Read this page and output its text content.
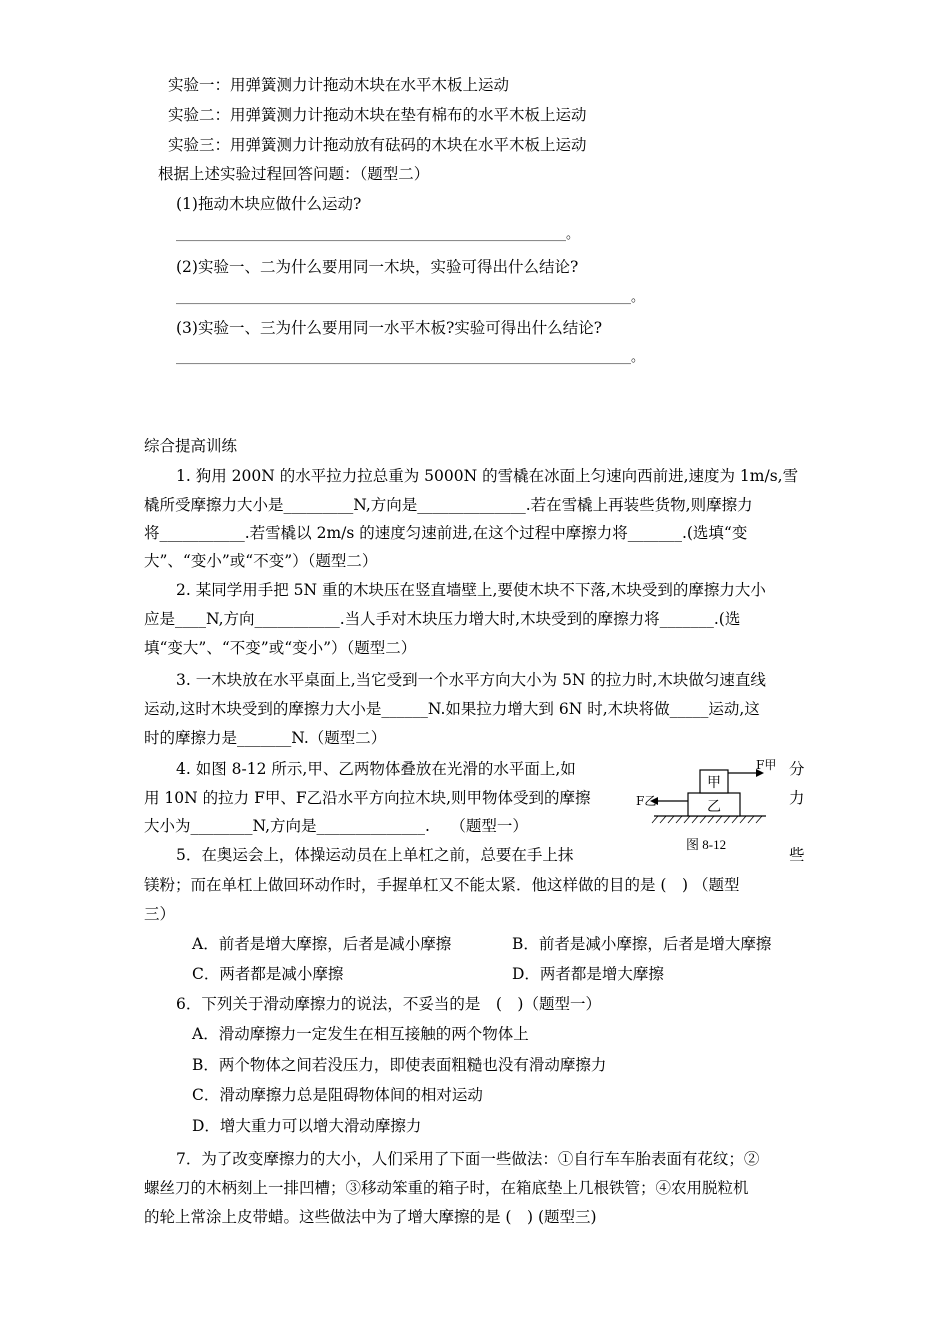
实验一：用弹簧测力计拖动木块在水平木板上运动
实验二：用弹簧测力计拖动木块在垫有棉布的水平木板上运动
实验三：用弹簧测力计拖动放有砝码的木块在水平木板上运动
根据上述实验过程回答问题：（题型二）
(1)拖动木块应做什么运动?
____________________________________________________________。
(2)实验一、二为什么要用同一木块，实验可得出什么结论?
______________________________________________________________________。
(3)实验一、三为什么要用同一水平木板?实验可得出什么结论?
______________________________________________________________________。
综合提高训练
1. 狗用 200N 的水平拉力拉总重为 5000N 的雪橇在冰面上匀速向西前进,速度为 1m/s,雪
橇所受摩擦力大小是_________N,方向是______________.若在雪橇上再装些货物,则摩擦力
将___________.若雪橇以 2m/s 的速度匀速前进,在这个过程中摩擦力将_______.(选填“变
大”、“变小”或“不变”）（题型二）
2. 某同学用手把 5N 重的木块压在竖直墙壁上,要使木块不下落,木块受到的摩擦力大小
应是____N,方向___________.当人手对木块压力增大时,木块受到的摩擦力将_______.(选
填“变大”、“不变”或“变小”）（题型二）
3. 一木块放在水平桌面上,当它受到一个水平方向大小为 5N 的拉力时,木块做匀速直线
运动,这时木块受到的摩擦力大小是______N.如果拉力增大到 6N 时,木块将做_____运动,这
时的摩擦力是_______N.（题型二）
4. 如图 8-12 所示,甲、乙两物体叠放在光滑的水平面上,如
用 10N 的拉力 F甲、F乙沿水平方向拉木块,则甲物体受到的摩擦
大小为________N,方向是______________.　 （题型一）
分
力
甲
乙
F甲
F乙
图 8-12
5．在奥运会上，体操运动员在上单杠之前，总要在手上抹	些
镁粉；而在单杠上做回环动作时，手握单杠又不能太紧．他这样做的目的是 (　) （题型
三）
A．前者是增大摩擦，后者是减小摩擦	B．前者是减小摩擦，后者是增大摩擦
C．两者都是减小摩擦	D．两者都是增大摩擦
6．下列关于滑动摩擦力的说法，不妥当的是　(　)（题型一）
A．滑动摩擦力一定发生在相互接触的两个物体上
B．两个物体之间若没压力，即使表面粗糙也没有滑动摩擦力
C．滑动摩擦力总是阻碍物体间的相对运动
D．增大重力可以增大滑动摩擦力
7．为了改变摩擦力的大小，人们采用了下面一些做法：①自行车车胎表面有花纹；②
螺丝刀的木柄刻上一排凹槽；③移动笨重的箱子时，在箱底垫上几根铁管；④农用脱粒机
的轮上常涂上皮带蜡。这些做法中为了增大摩擦的是 (　) (题型三)
